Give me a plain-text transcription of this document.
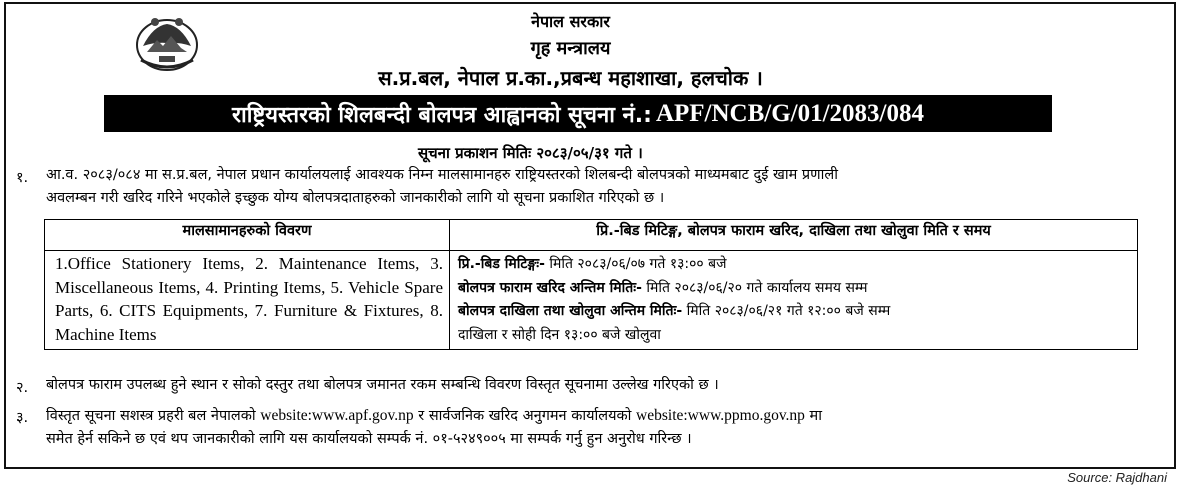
नेपाल सरकार
गृह मन्त्रालय
स.प्र.बल, नेपाल प्र.का.,प्रबन्ध महाशाखा, हलचोक ।
राष्ट्रियस्तरको शिलबन्दी बोलपत्र आह्वानको सूचना नं.: APF/NCB/G/01/2083/084
सूचना प्रकाशन मितिः २०८३/०५/३१ गते ।
१. आ.व. २०८३/०८४ मा स.प्र.बल, नेपाल प्रधान कार्यालयलाई आवश्यक निम्न मालसामानहरु राष्ट्रियस्तरको शिलबन्दी बोलपत्रको माध्यमबाट दुई खाम प्रणाली
अवलम्बन गरी खरिद गरिने भएकोले इच्छुक योग्य बोलपत्रदाताहरुको जानकारीको लागि यो सूचना प्रकाशित गरिएको छ ।
मालसामानहरुको विवरण	प्रि.-बिड मिटिङ्ग, बोलपत्र फाराम खरिद, दाखिला तथा खोलुवा मिति र समय
1.Office Stationery Items, 2. Maintenance Items, 3. Miscellaneous Items, 4. Printing Items, 5. Vehicle Spare Parts, 6. CITS Equipments, 7. Furniture & Fixtures, 8. Machine Items	प्रि.-बिड मिटिङ्गः- मिति २०८३/०६/०७ गते १३:०० बजे
बोलपत्र फाराम खरिद अन्तिम मितिः- मिति २०८३/०६/२० गते कार्यालय समय सम्म
बोलपत्र दाखिला तथा खोलुवा अन्तिम मितिः- मिति २०८३/०६/२१ गते १२:०० बजे सम्म
दाखिला र सोही दिन १३:०० बजे खोलुवा
२. बोलपत्र फाराम उपलब्ध हुने स्थान र सोको दस्तुर तथा बोलपत्र जमानत रकम सम्बन्धि विवरण विस्तृत सूचनामा उल्लेख गरिएको छ ।
३. विस्तृत सूचना सशस्त्र प्रहरी बल नेपालको website:www.apf.gov.np र सार्वजनिक खरिद अनुगमन कार्यालयको website:www.ppmo.gov.np मा
समेत हेर्न सकिने छ एवं थप जानकारीको लागि यस कार्यालयको सम्पर्क नं. ०१-५२४९००५ मा सम्पर्क गर्नु हुन अनुरोध गरिन्छ ।
Source: Rajdhani
